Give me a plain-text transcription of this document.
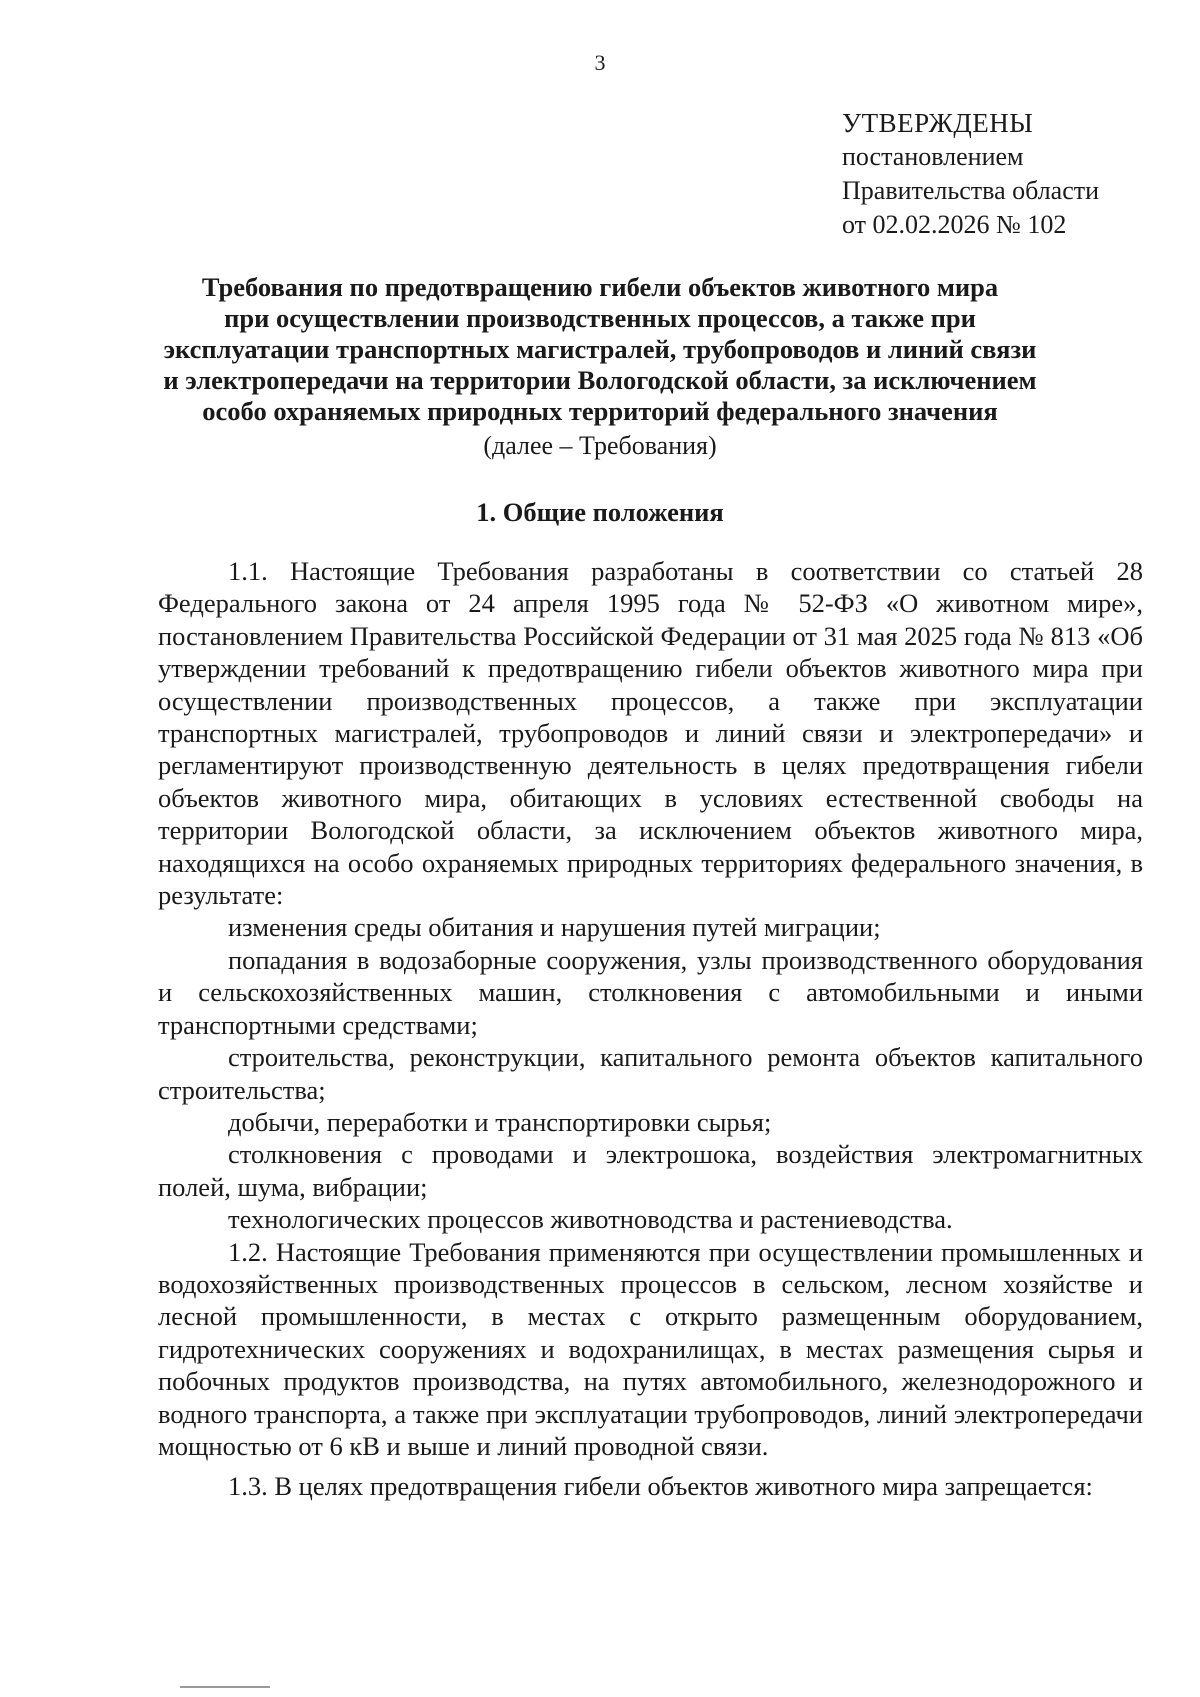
3
УТВЕРЖДЕНЫ
постановлением
Правительства области
от 02.02.2026 № 102
Требования по предотвращению гибели объектов животного мира
при осуществлении производственных процессов, а также при
эксплуатации транспортных магистралей, трубопроводов и линий связи
и электропередачи на территории Вологодской области, за исключением
особо охраняемых природных территорий федерального значения
(далее – Требования)
1. Общие положения

1.1. Настоящие Требования разработаны в соответствии со статьей 28 Федерального закона от 24 апреля 1995 года № 52-ФЗ «О животном мире», постановлением Правительства Российской Федерации от 31 мая 2025 года № 813 «Об утверждении требований к предотвращению гибели объектов животного мира при осуществлении производственных процессов, а также при эксплуатации транспортных магистралей, трубопроводов и линий связи и электропередачи» и регламентируют производственную деятельность в целях предотвращения гибели объектов животного мира, обитающих в условиях естественной свободы на территории Вологодской области, за исключением объектов животного мира, находящихся на особо охраняемых природных территориях федерального значения, в результате:

изменения среды обитания и нарушения путей миграции;

попадания в водозаборные сооружения, узлы производственного оборудования и сельскохозяйственных машин, столкновения с автомобильными и иными транспортными средствами;

строительства, реконструкции, капитального ремонта объектов капитального строительства;

добычи, переработки и транспортировки сырья;

столкновения с проводами и электрошока, воздействия электромагнитных полей, шума, вибрации;

технологических процессов животноводства и растениеводства.

1.2. Настоящие Требования применяются при осуществлении промышленных и водохозяйственных производственных процессов в сельском, лесном хозяйстве и лесной промышленности, в местах с открыто размещенным оборудованием, гидротехнических сооружениях и водохранилищах, в местах размещения сырья и побочных продуктов производства, на путях автомобильного, железнодорожного и водного транспорта, а также при эксплуатации трубопроводов, линий электропередачи мощностью от 6 кВ и выше и линий проводной связи.

1.3. В целях предотвращения гибели объектов животного мира запрещается:
